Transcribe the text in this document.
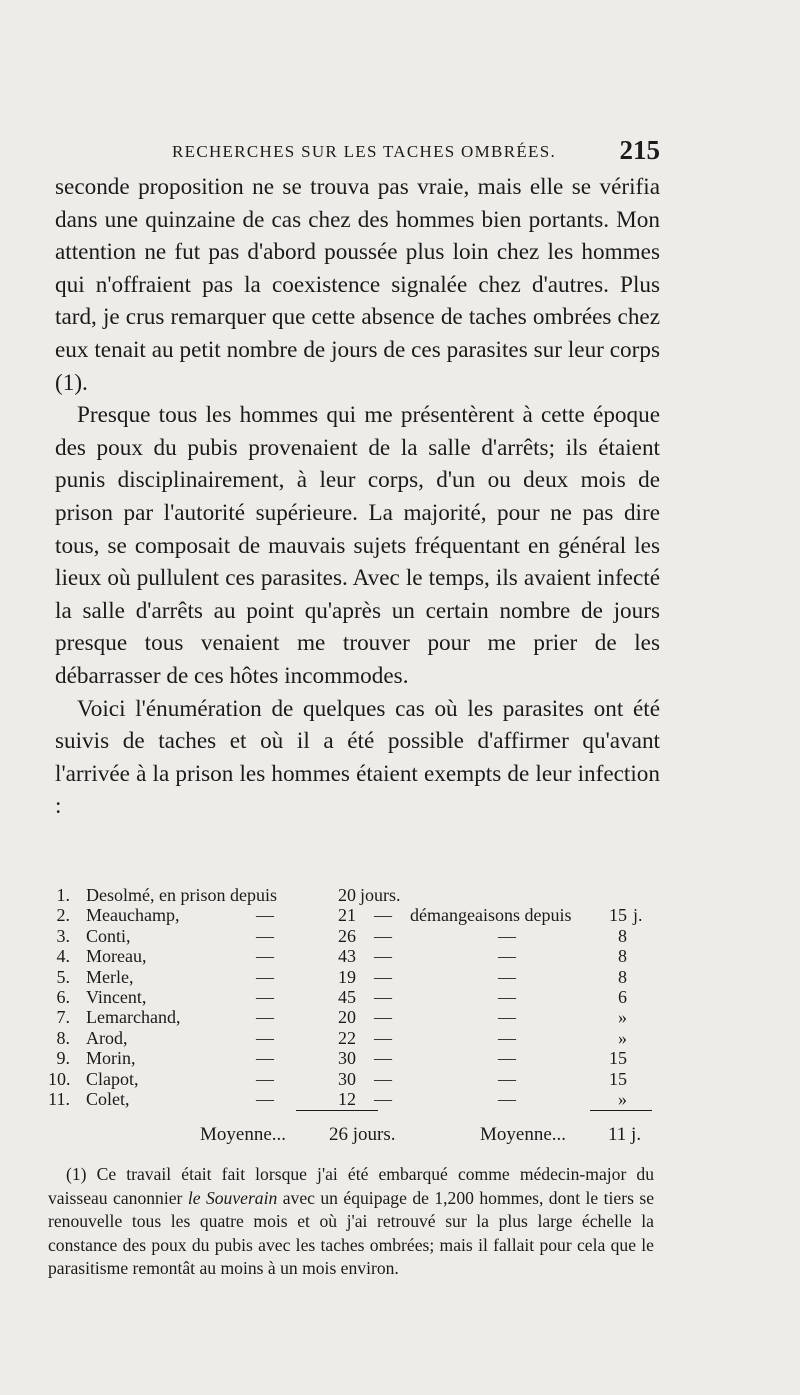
RECHERCHES SUR LES TACHES OMBRÉES. 215

seconde proposition ne se trouva pas vraie, mais elle se vérifia dans une quinzaine de cas chez des hommes bien portants. Mon attention ne fut pas d'abord poussée plus loin chez les hommes qui n'offraient pas la coexistence signalée chez d'autres. Plus tard, je crus remarquer que cette absence de taches ombrées chez eux tenait au petit nombre de jours de ces parasites sur leur corps (1).

Presque tous les hommes qui me présentèrent à cette époque des poux du pubis provenaient de la salle d'arrêts; ils étaient punis disciplinairement, à leur corps, d'un ou deux mois de prison par l'autorité supérieure. La majorité, pour ne pas dire tous, se composait de mauvais sujets fréquentant en général les lieux où pullulent ces parasites. Avec le temps, ils avaient infecté la salle d'arrêts au point qu'après un certain nombre de jours presque tous venaient me trouver pour me prier de les débarrasser de ces hôtes incommodes.

Voici l'énumération de quelques cas où les parasites ont été suivis de taches et où il a été possible d'affirmer qu'avant l'arrivée à la prison les hommes étaient exempts de leur infection :

1. Desolmé, en prison depuis	20 jours.
2. Meauchamp,	—	21 — démangeaisons depuis	15 j.
3. Conti,	—	26 —	—	8
4. Moreau,	—	43 —	—	8
5. Merle,	—	19 —	—	8
6. Vincent,	—	45 —	—	6
7. Lemarchand,	—	20 —	—	»
8. Arod,	—	22 —	—	»
9. Morin,	—	30 —	—	15
10. Clapot,	—	30 —	—	15
11. Colet,	—	12 —	—	»
Moyenne... 26 jours.	Moyenne... 11 j.
(1) Ce travail était fait lorsque j'ai été embarqué comme médecin-major du vaisseau canonnier le Souverain avec un équipage de 1,200 hommes, dont le tiers se renouvelle tous les quatre mois et où j'ai retrouvé sur la plus large échelle la constance des poux du pubis avec les taches ombrées; mais il fallait pour cela que le parasitisme remontât au moins à un mois environ.
